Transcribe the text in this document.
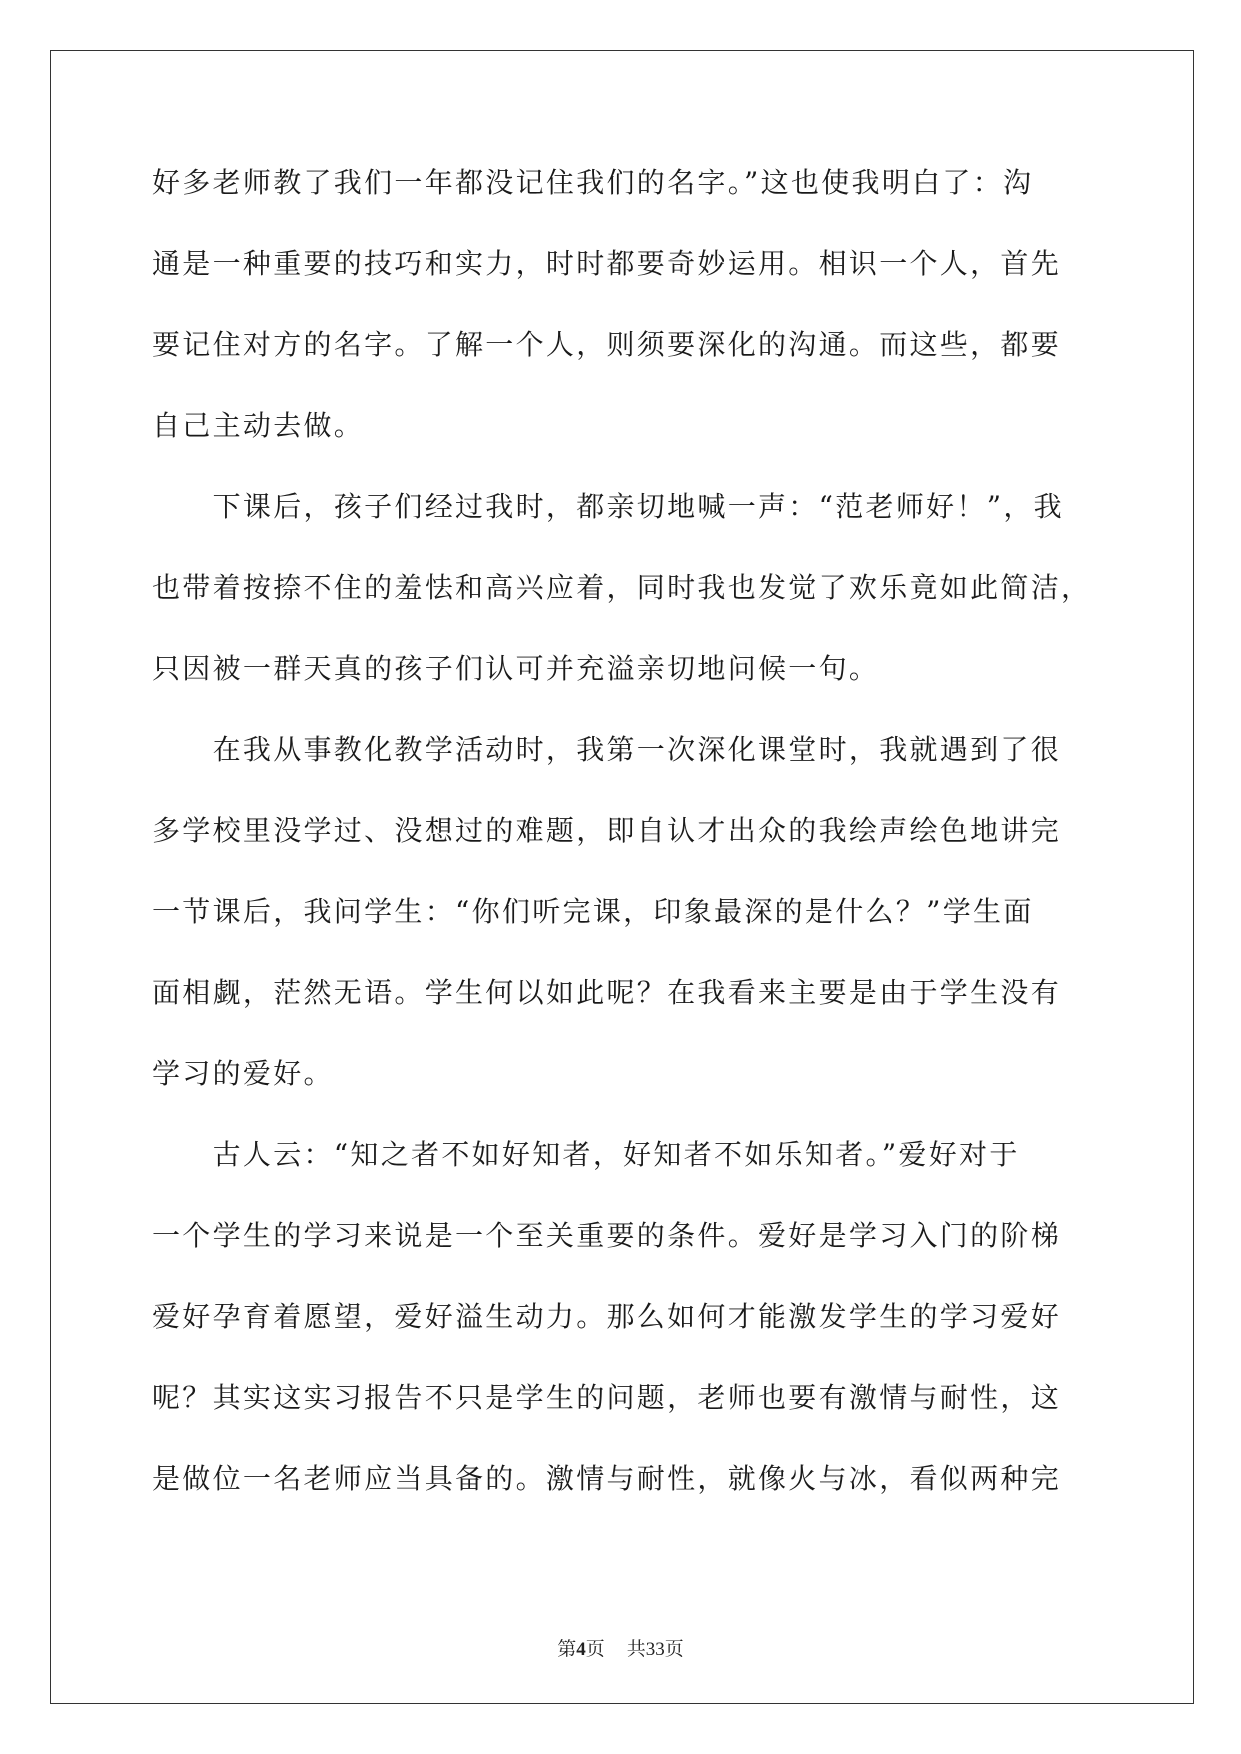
好多老师教了我们一年都没记住我们的名字。”这也使我明白了：沟
通是一种重要的技巧和实力，时时都要奇妙运用。相识一个人，首先
要记住对方的名字。了解一个人，则须要深化的沟通。而这些，都要
自己主动去做。
　　下课后，孩子们经过我时，都亲切地喊一声：“范老师好！”，我
也带着按捺不住的羞怯和高兴应着，同时我也发觉了欢乐竟如此简洁，
只因被一群天真的孩子们认可并充溢亲切地问候一句。
　　在我从事教化教学活动时，我第一次深化课堂时，我就遇到了很
多学校里没学过、没想过的难题，即自认才出众的我绘声绘色地讲完
一节课后，我问学生：“你们听完课，印象最深的是什么？”学生面
面相觑，茫然无语。学生何以如此呢？在我看来主要是由于学生没有
学习的爱好。
　　古人云：“知之者不如好知者，好知者不如乐知者。”爱好对于
一个学生的学习来说是一个至关重要的条件。爱好是学习入门的阶梯
爱好孕育着愿望，爱好溢生动力。那么如何才能激发学生的学习爱好
呢？其实这实习报告不只是学生的问题，老师也要有激情与耐性，这
是做位一名老师应当具备的。激情与耐性，就像火与冰，看似两种完
第4页 共33页
